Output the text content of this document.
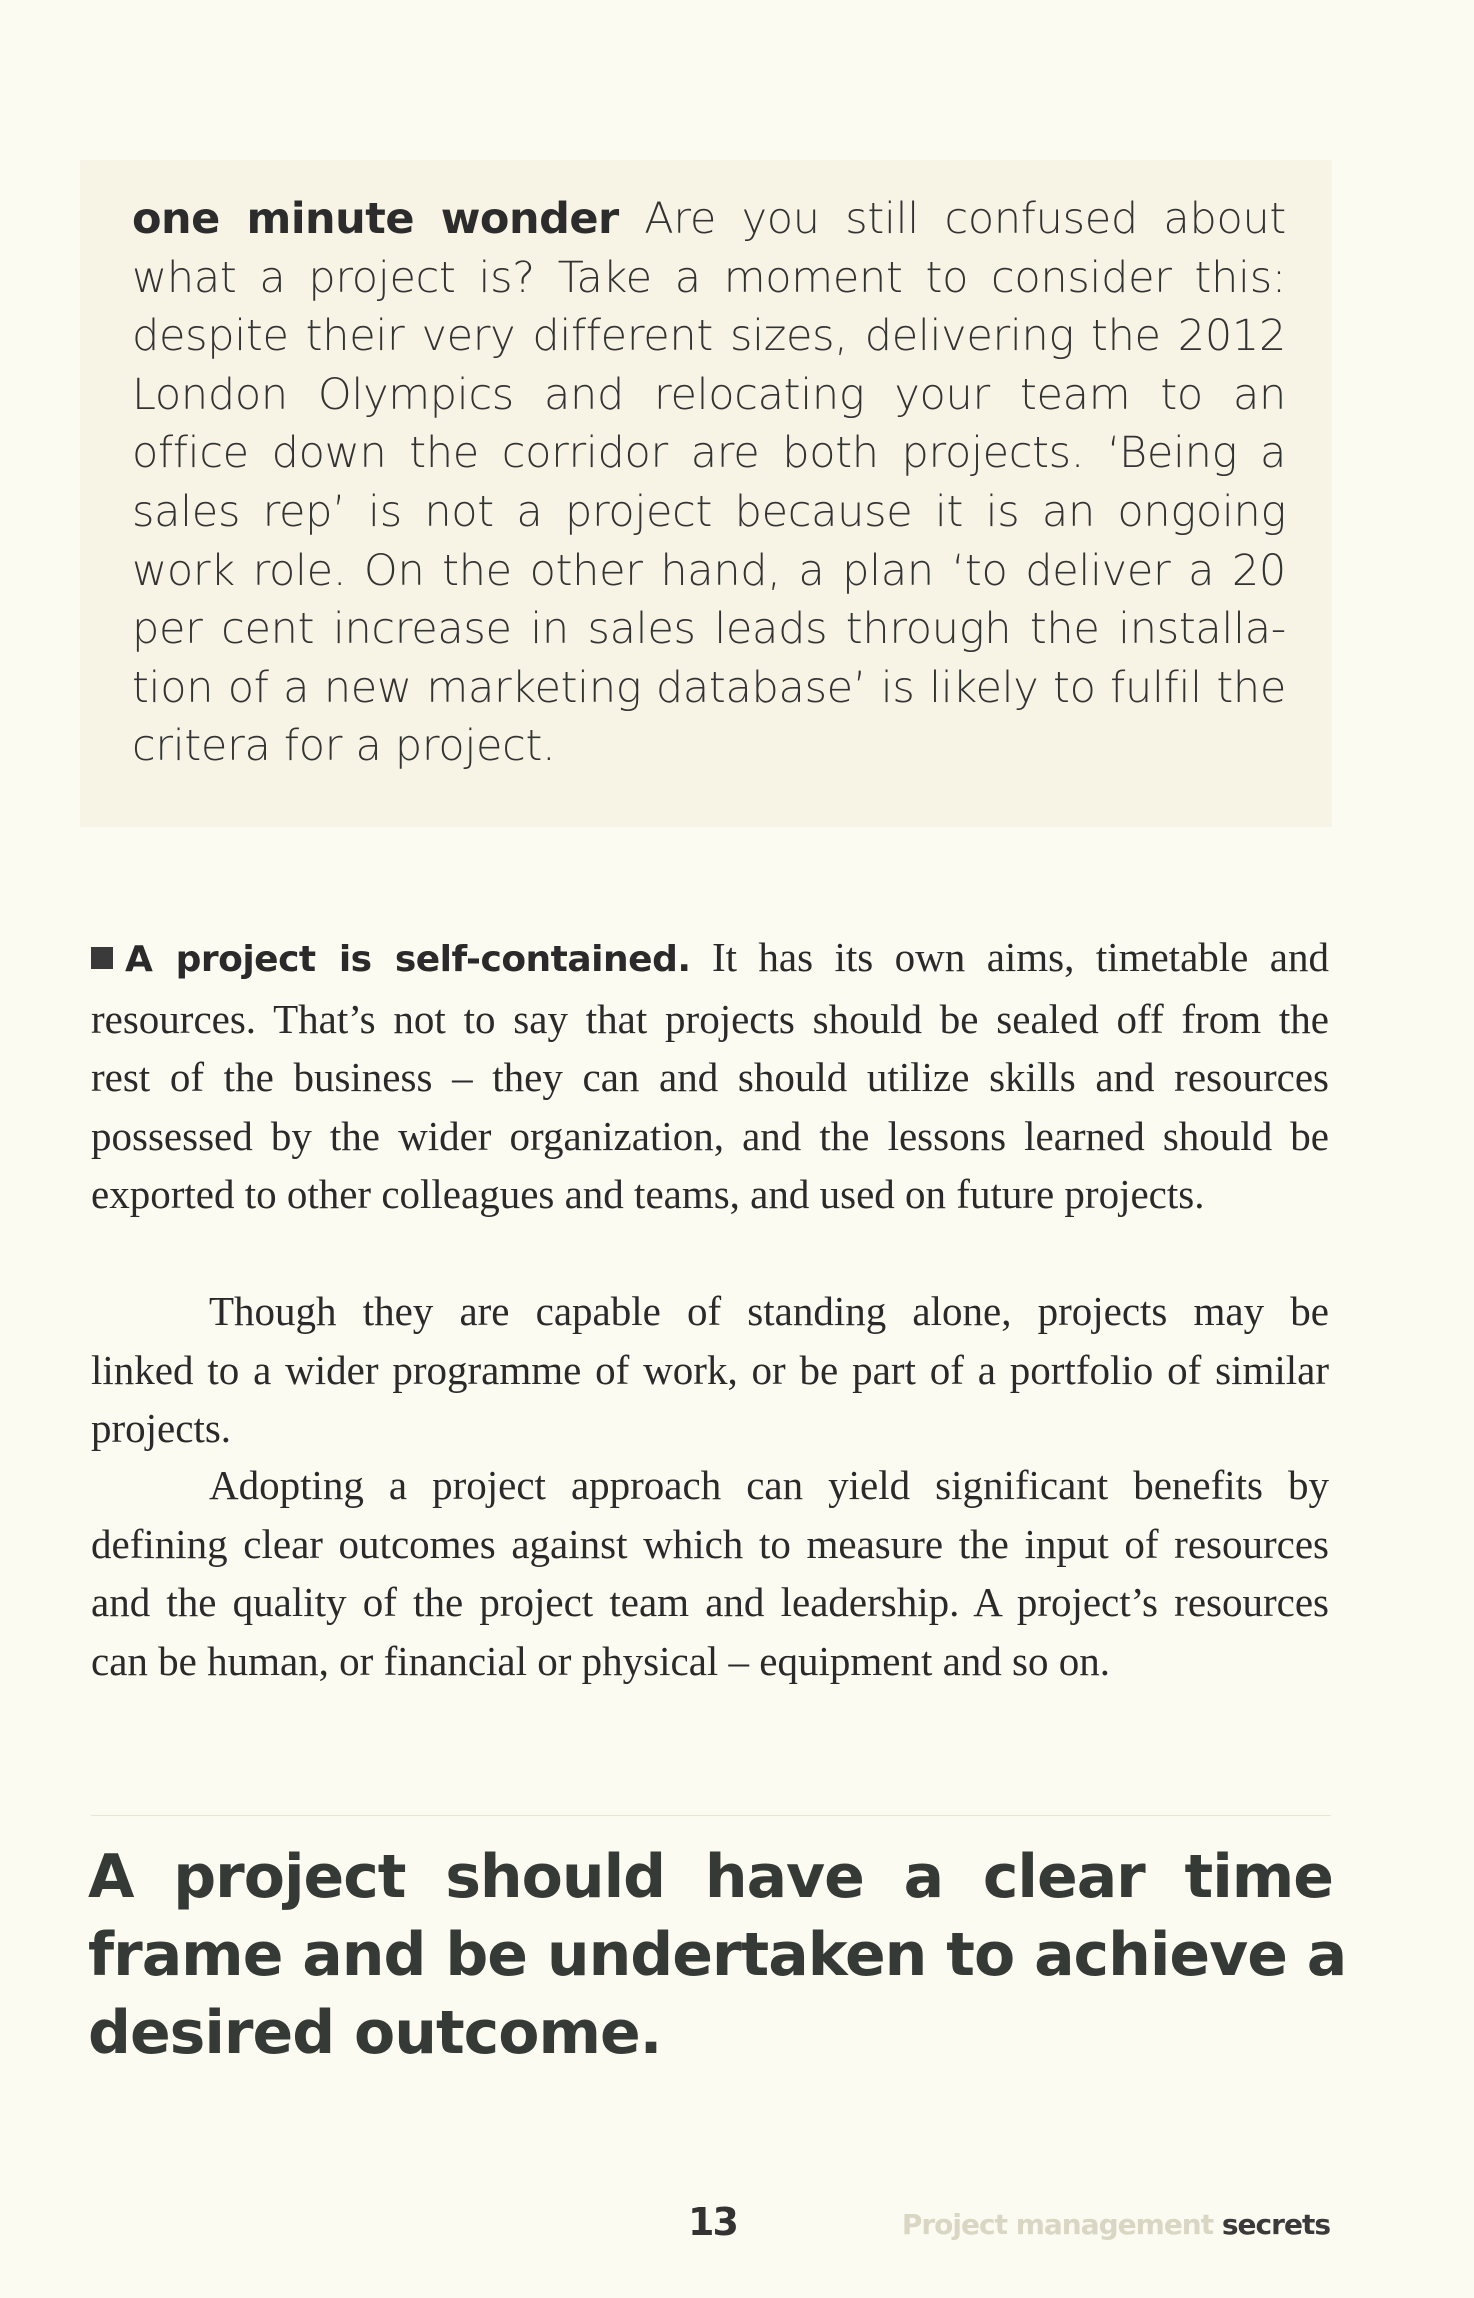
one minute wonder Are you still confused about
what a project is? Take a moment to consider this:
despite their very different sizes, delivering the 2012
London Olympics and relocating your team to an
office down the corridor are both projects. ‘Being a
sales rep’ is not a project because it is an ongoing
work role. On the other hand, a plan ‘to deliver a 20
per cent increase in sales leads through the installa-
tion of a new marketing database’ is likely to fulfil the
critera for a project.
A project is self-contained. It has its own aims, timetable and
resources. That’s not to say that projects should be sealed off from the
rest of the business – they can and should utilize skills and resources
possessed by the wider organization, and the lessons learned should be
exported to other colleagues and teams, and used on future projects.
Though they are capable of standing alone, projects may be
linked to a wider programme of work, or be part of a portfolio of similar
projects.
Adopting a project approach can yield significant benefits by
defining clear outcomes against which to measure the input of resources
and the quality of the project team and leadership. A project’s resources
can be human, or financial or physical – equipment and so on.
A project should have a clear time
frame and be undertaken to achieve a
desired outcome.
13	Project management secrets
